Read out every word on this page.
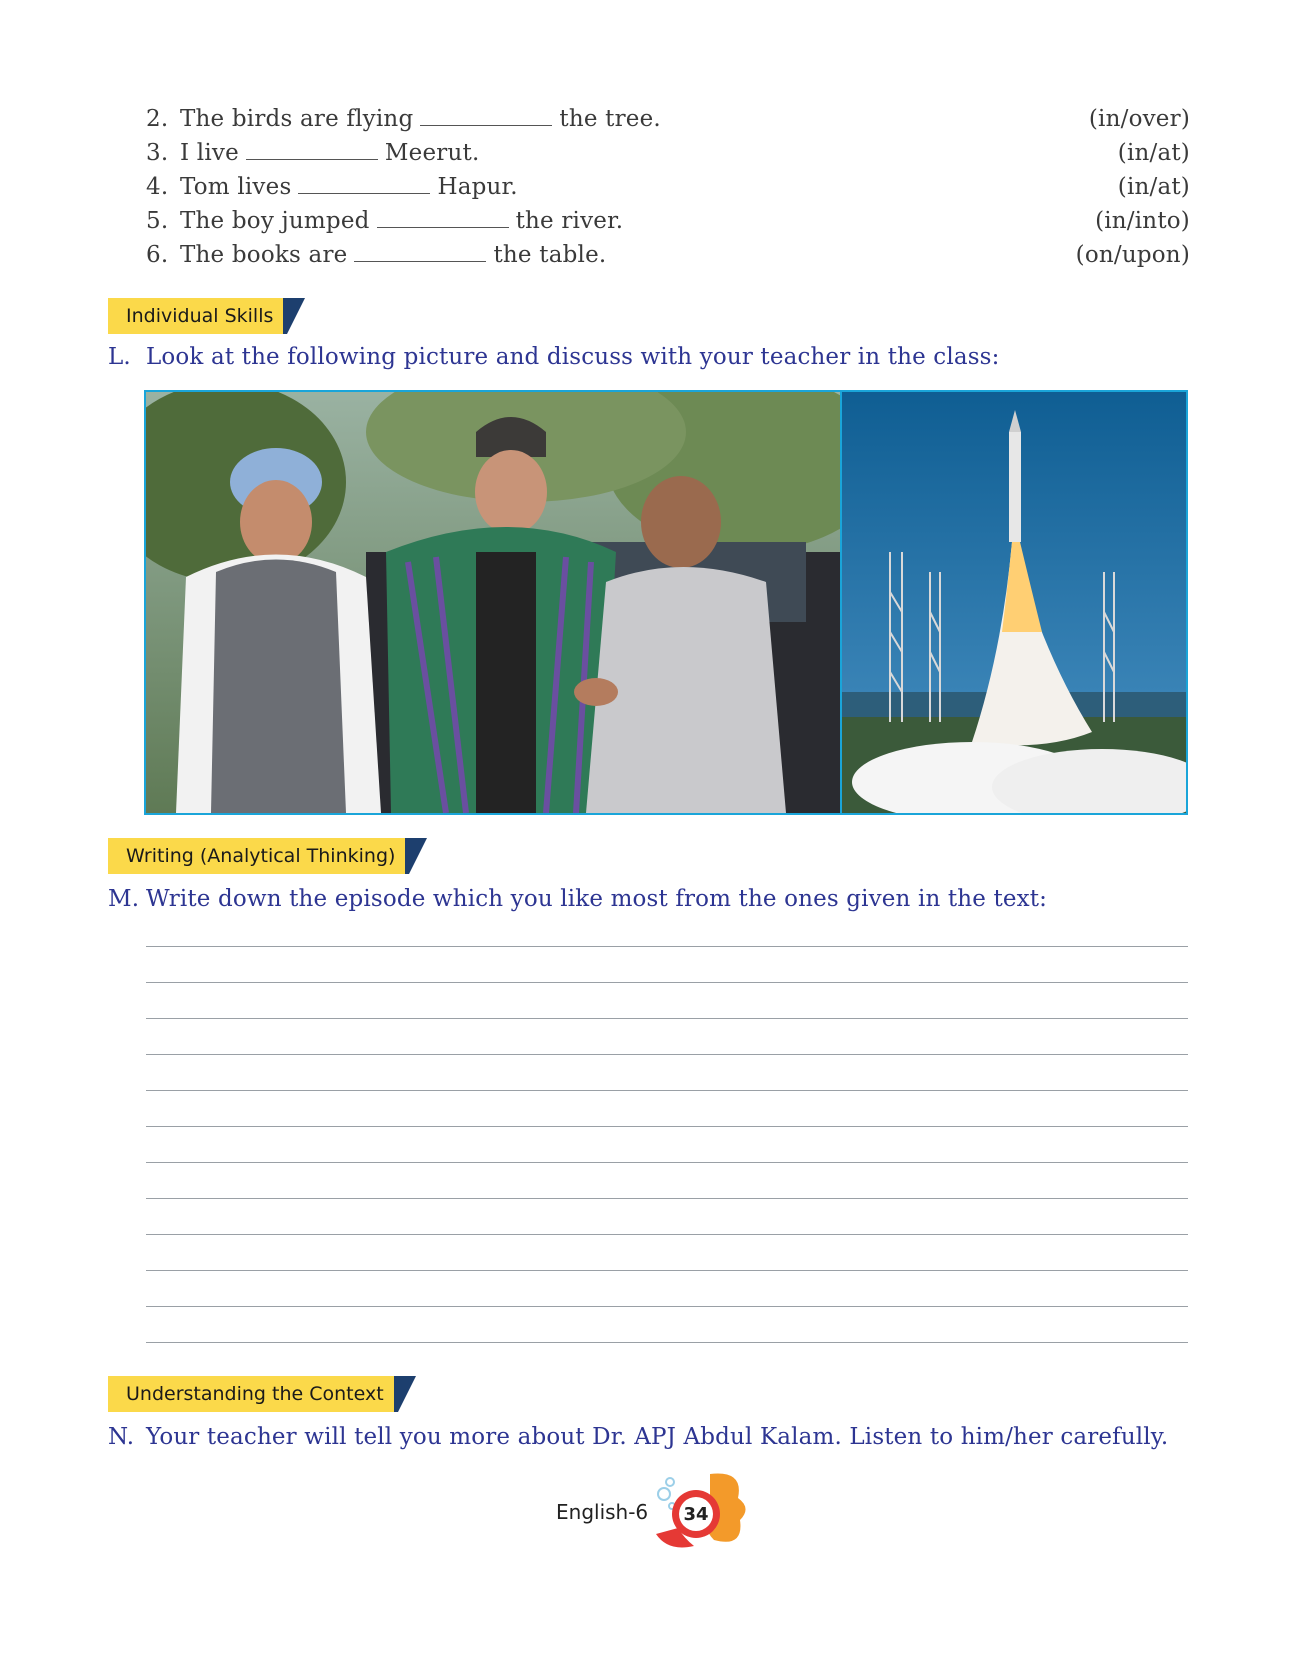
2. The birds are flying	the tree.	(in/over)
3. I live	Meerut.	(in/at)
4. Tom lives	Hapur.	(in/at)
5. The boy jumped	the river.	(in/into)
6. The books are	the table.	(on/upon)
Individual Skills
L. Look at the following picture and discuss with your teacher in the class:
Writing (Analytical Thinking)
M. Write down the episode which you like most from the ones given in the text:
Understanding the Context
N. Your teacher will tell you more about Dr. APJ Abdul Kalam. Listen to him/her carefully.
English-6 34
